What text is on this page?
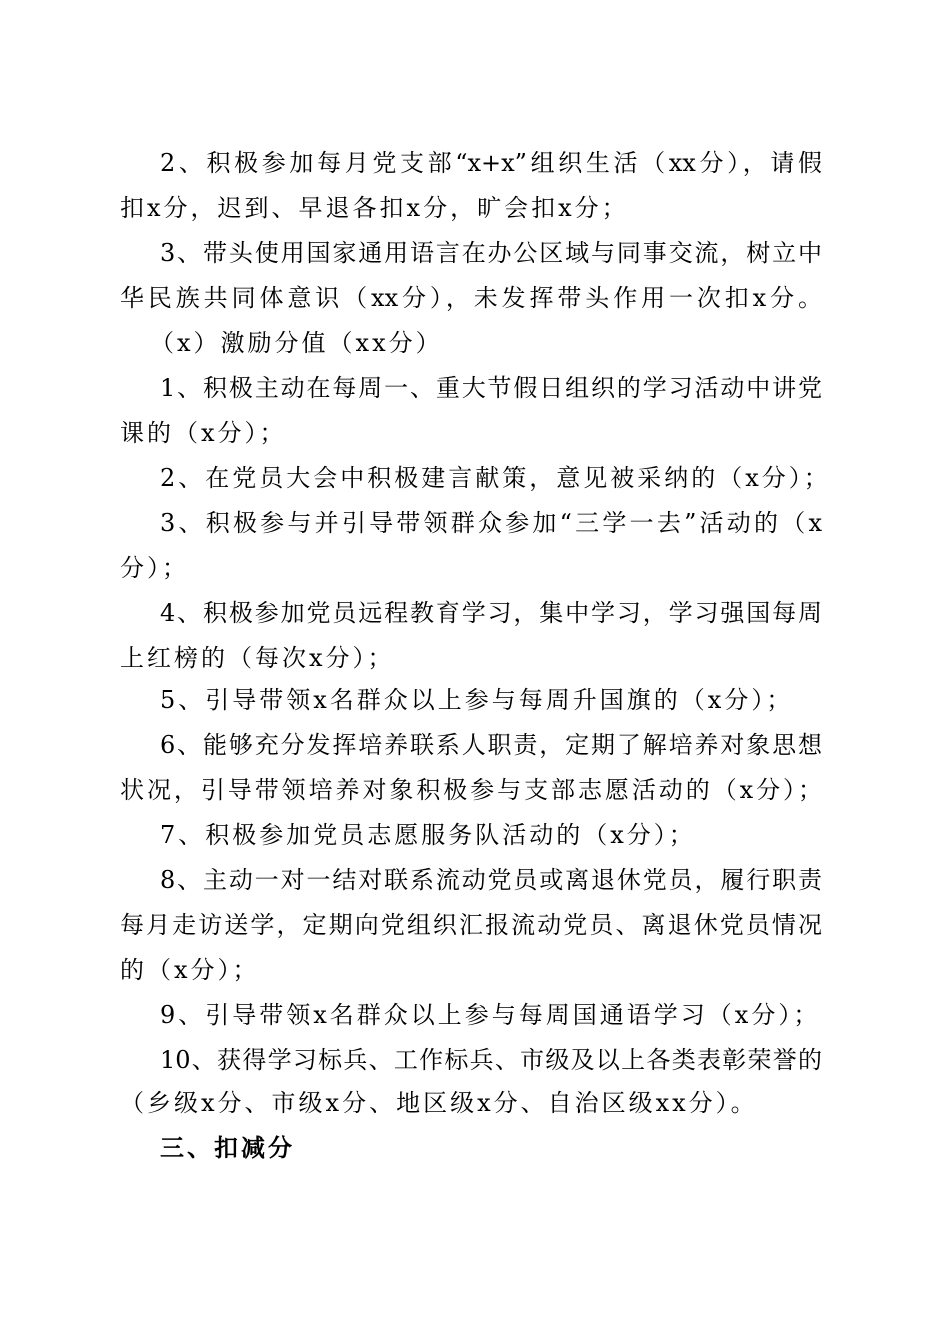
2、积极参加每月党支部“x+x”组织生活（xx分），请假
扣x分，迟到、早退各扣x分，旷会扣x分；
3、带头使用国家通用语言在办公区域与同事交流，树立中
华民族共同体意识（xx分），未发挥带头作用一次扣x分。
（x）激励分值（xx分）
1、积极主动在每周一、重大节假日组织的学习活动中讲党
课的（x分）；
2、在党员大会中积极建言献策，意见被采纳的（x分）；
3、积极参与并引导带领群众参加“三学一去”活动的（x
分）；
4、积极参加党员远程教育学习，集中学习，学习强国每周
上红榜的（每次x分）；
5、引导带领x名群众以上参与每周升国旗的（x分）；
6、能够充分发挥培养联系人职责，定期了解培养对象思想
状况，引导带领培养对象积极参与支部志愿活动的（x分）；
7、积极参加党员志愿服务队活动的（x分）；
8、主动一对一结对联系流动党员或离退休党员，履行职责
每月走访送学，定期向党组织汇报流动党员、离退休党员情况
的（x分）；
9、引导带领x名群众以上参与每周国通语学习（x分）；
10、获得学习标兵、工作标兵、市级及以上各类表彰荣誉的
（乡级x分、市级x分、地区级x分、自治区级xx分）。
三、扣减分
